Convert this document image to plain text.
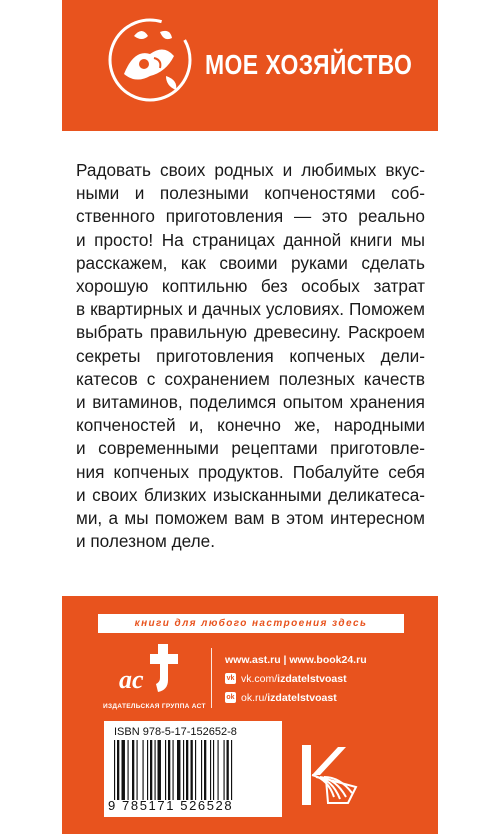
МОЕ ХОЗЯЙСТВО
Радовать своих родных и любимых вкус-
ными и полезными копченостями соб-
ственного приготовления — это реально
и просто! На страницах данной книги мы
расскажем, как своими руками сделать
хорошую коптильню без особых затрат
в квартирных и дачных условиях. Поможем
выбрать правильную древесину. Раскроем
секреты приготовления копченых дели-
катесов с сохранением полезных качеств
и витаминов, поделимся опытом хранения
копченостей и, конечно же, народными
и современными рецептами приготовле-
ния копченых продуктов. Побалуйте себя
и своих близких изысканными деликатеса-
ми, а мы поможем вам в этом интересном
и полезном деле.
книги для любого настроения здесь
ac
ИЗДАТЕЛЬСКАЯ ГРУППА АСТ
www.ast.ru | www.book24.ru
vk vk.com/ izdatelstvoast
ok ok.ru/ izdatelstvoast
ISBN 978-5-17-152652-8
9 785171 526528
